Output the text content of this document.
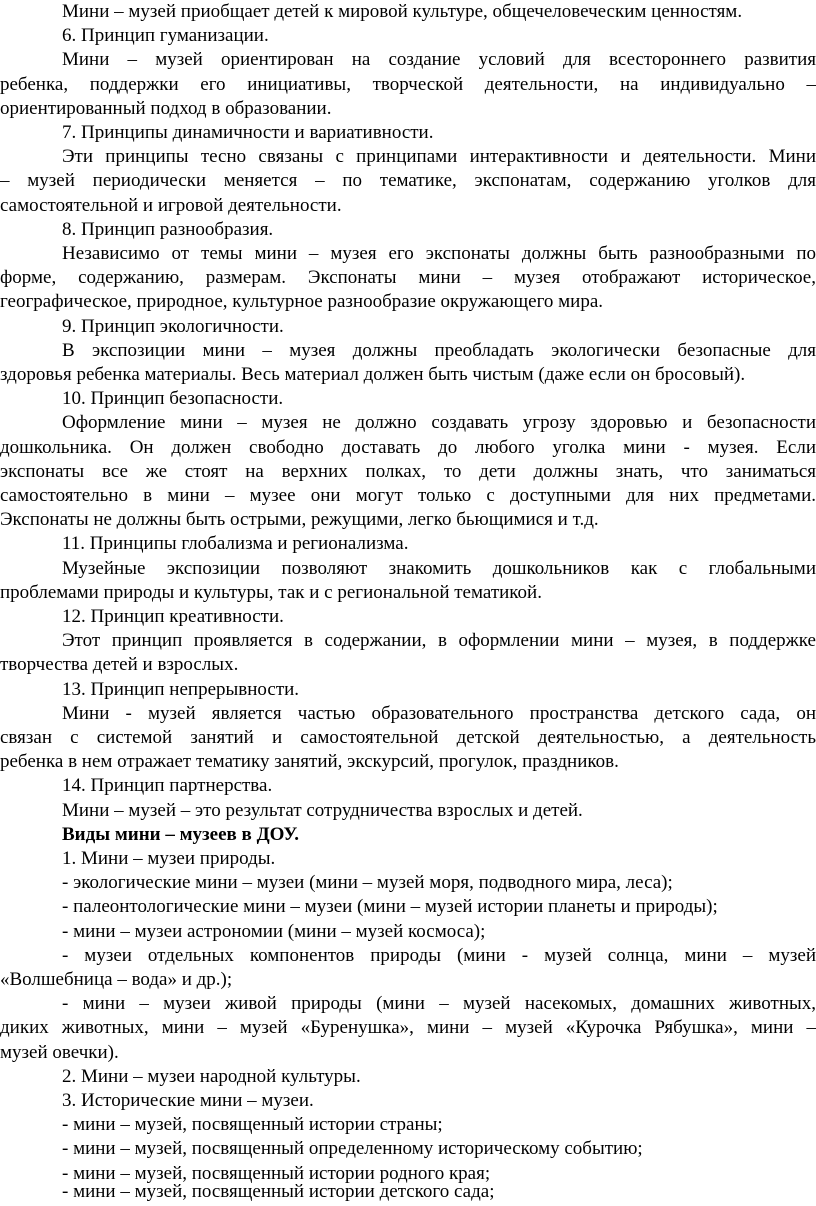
Мини – музей приобщает детей к мировой культуре, общечеловеческим ценностям.

6. Принцип гуманизации.

Мини – музей ориентирован на создание условий для всестороннего развития

ребенка, поддержки его инициативы, творческой деятельности, на индивидуально –

ориентированный подход в образовании.

7. Принципы динамичности и вариативности.

Эти принципы тесно связаны с принципами интерактивности и деятельности. Мини

– музей периодически меняется – по тематике, экспонатам, содержанию уголков для

самостоятельной и игровой деятельности.

8. Принцип разнообразия.

Независимо от темы мини – музея его экспонаты должны быть разнообразными по

форме, содержанию, размерам. Экспонаты мини – музея отображают историческое,

географическое, природное, культурное разнообразие окружающего мира.

9. Принцип экологичности.

В экспозиции мини – музея должны преобладать экологически безопасные для

здоровья ребенка материалы. Весь материал должен быть чистым (даже если он бросовый).

10. Принцип безопасности.

Оформление мини – музея не должно создавать угрозу здоровью и безопасности

дошкольника. Он должен свободно доставать до любого уголка мини - музея. Если

экспонаты все же стоят на верхних полках, то дети должны знать, что заниматься

самостоятельно в мини – музее они могут только с доступными для них предметами.

Экспонаты не должны быть острыми, режущими, легко бьющимися и т.д.

11. Принципы глобализма и регионализма.

Музейные экспозиции позволяют знакомить дошкольников как с глобальными

проблемами природы и культуры, так и с региональной тематикой.

12. Принцип креативности.

Этот принцип проявляется в содержании, в оформлении мини – музея, в поддержке

творчества детей и взрослых.

13. Принцип непрерывности.

Мини - музей является частью образовательного пространства детского сада, он

связан с системой занятий и самостоятельной детской деятельностью, а деятельность

ребенка в нем отражает тематику занятий, экскурсий, прогулок, праздников.

14. Принцип партнерства.

Мини – музей – это результат сотрудничества взрослых и детей.

Виды мини – музеев в ДОУ.

1. Мини – музеи природы.

- экологические мини – музеи (мини – музей моря, подводного мира, леса);

- палеонтологические мини – музеи (мини – музей истории планеты и природы);

- мини – музеи астрономии (мини – музей космоса);

- музеи отдельных компонентов природы (мини - музей солнца, мини – музей

«Волшебница – вода» и др.);

- мини – музеи живой природы (мини – музей насекомых, домашних животных,

диких животных, мини – музей «Буренушка», мини – музей «Курочка Рябушка», мини –

музей овечки).

2. Мини – музеи народной культуры.

3. Исторические мини – музеи.

- мини – музей, посвященный истории страны;

- мини – музей, посвященный определенному историческому событию;

- мини – музей, посвященный истории родного края;

- мини – музей, посвященный истории детского сада;
